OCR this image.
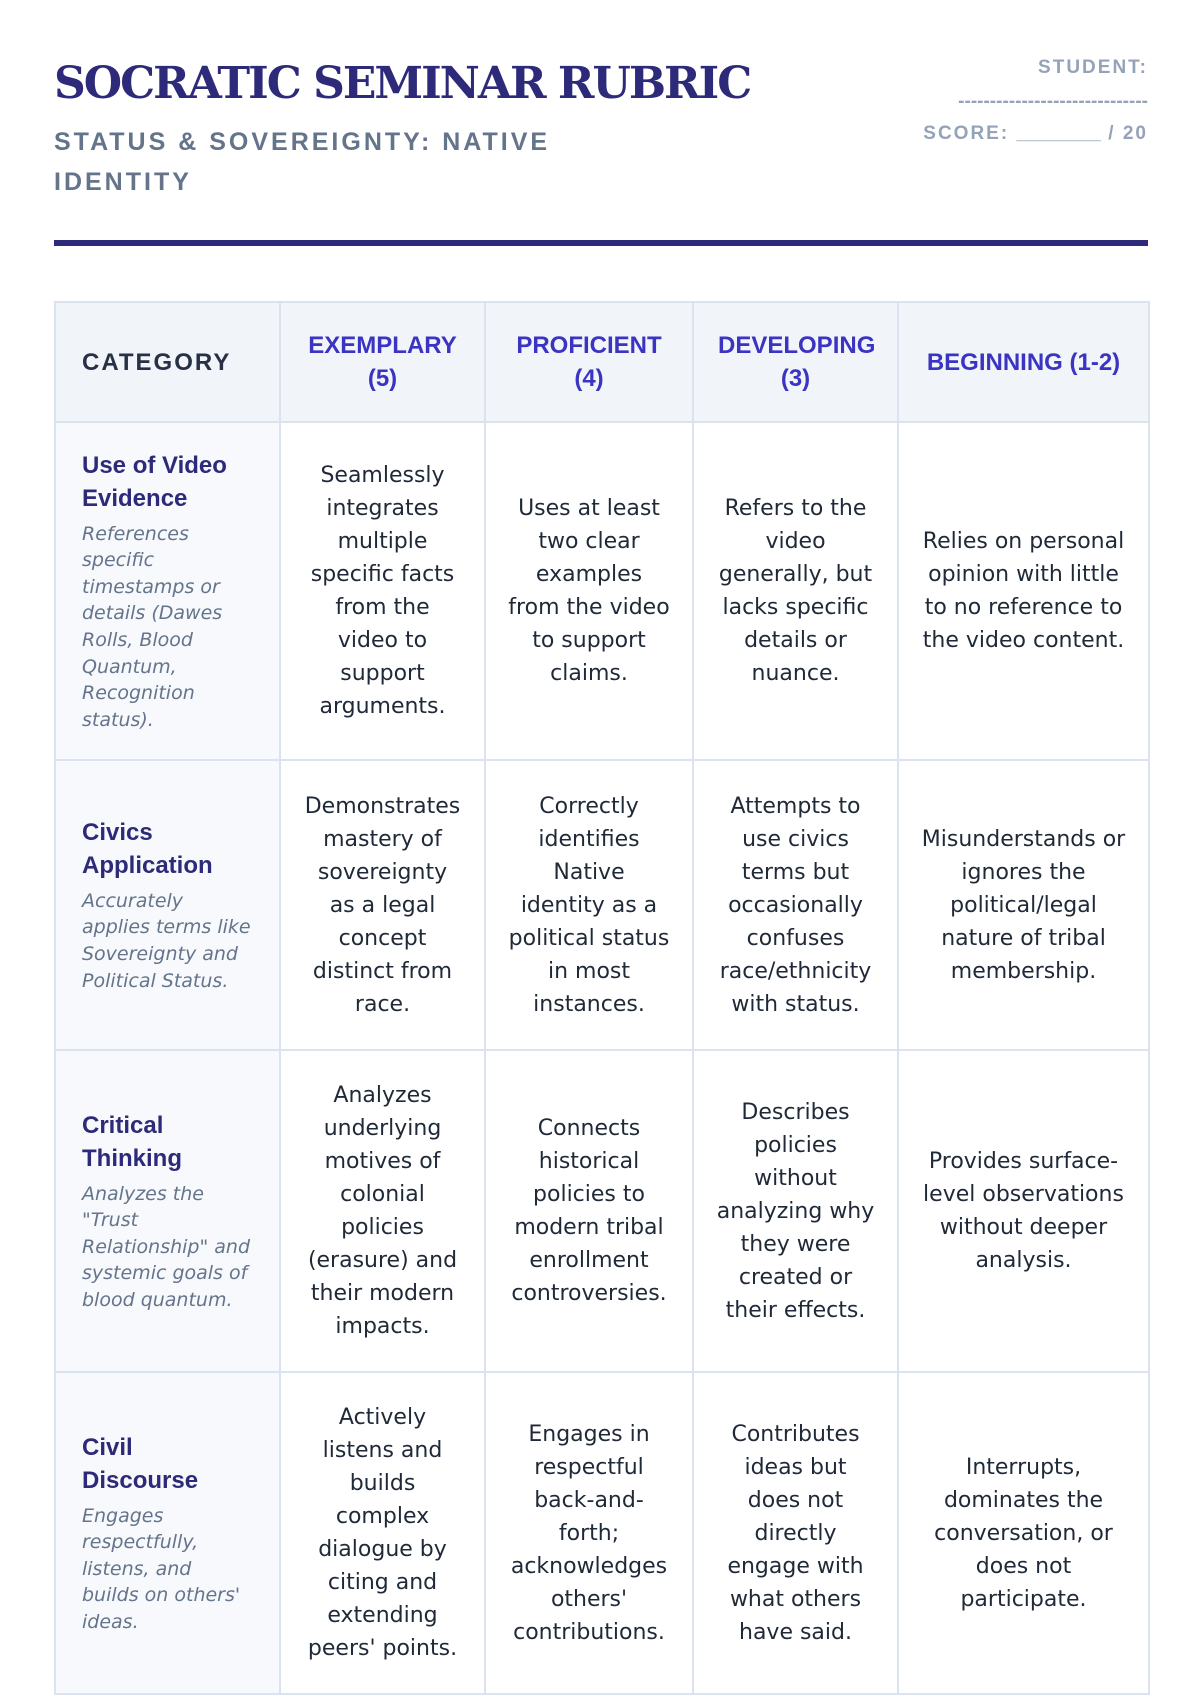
SOCRATIC SEMINAR RUBRIC
STATUS & SOVEREIGNTY: NATIVE IDENTITY
STUDENT:
------------------------------
SCORE: ________ / 20
CATEGORY	EXEMPLARY (5)	PROFICIENT (4)	DEVELOPING (3)	BEGINNING (1-2)

Use of Video Evidence
References specific timestamps or details (Dawes Rolls, Blood Quantum, Recognition status).	Seamlessly integrates multiple specific facts from the video to support arguments.	Uses at least two clear examples from the video to support claims.	Refers to the video generally, but lacks specific details or nuance.	Relies on personal opinion with little to no reference to the video content.

Civics Application
Accurately applies terms like Sovereignty and Political Status.	Demonstrates mastery of sovereignty as a legal concept distinct from race.	Correctly identifies Native identity as a political status in most instances.	Attempts to use civics terms but occasionally confuses race/ethnicity with status.	Misunderstands or ignores the political/legal nature of tribal membership.

Critical Thinking
Analyzes the "Trust Relationship" and systemic goals of blood quantum.	Analyzes underlying motives of colonial policies (erasure) and their modern impacts.	Connects historical policies to modern tribal enrollment controversies.	Describes policies without analyzing why they were created or their effects.	Provides surface-level observations without deeper analysis.

Civil Discourse
Engages respectfully, listens, and builds on others' ideas.	Actively listens and builds complex dialogue by citing and extending peers' points.	Engages in respectful back-and-forth; acknowledges others' contributions.	Contributes ideas but does not directly engage with what others have said.	Interrupts, dominates the conversation, or does not participate.
